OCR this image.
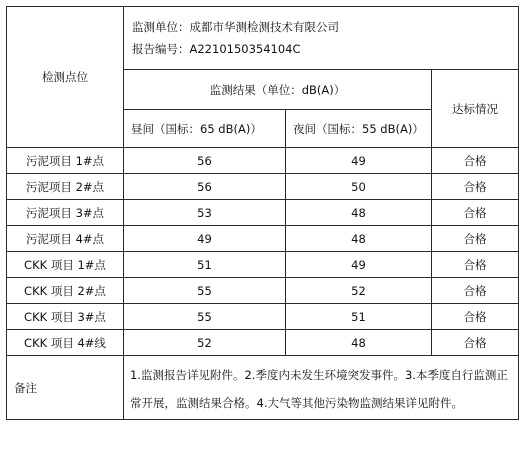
检测点位	监测单位：成都市华测检测技术有限公司
报告编号：A2210150354104C		

	监测结果（单位：dB(A)）		达标情况
	昼间（国标：65 dB(A)）	夜间（国标：55 dB(A)）	
污泥项目 1#点	56	49	合格
污泥项目 2#点	56	50	合格
污泥项目 3#点	53	48	合格
污泥项目 4#点	49	48	合格
CKK 项目 1#点	51	49	合格
CKK 项目 2#点	55	52	合格
CKK 项目 3#点	55	51	合格
CKK 项目 4#线	52	48	合格
备注	1.监测报告详见附件。2.季度内未发生环境突发事件。3.本季度自行监测正常开展，监测结果合格。4.大气等其他污染物监测结果详见附件。		
